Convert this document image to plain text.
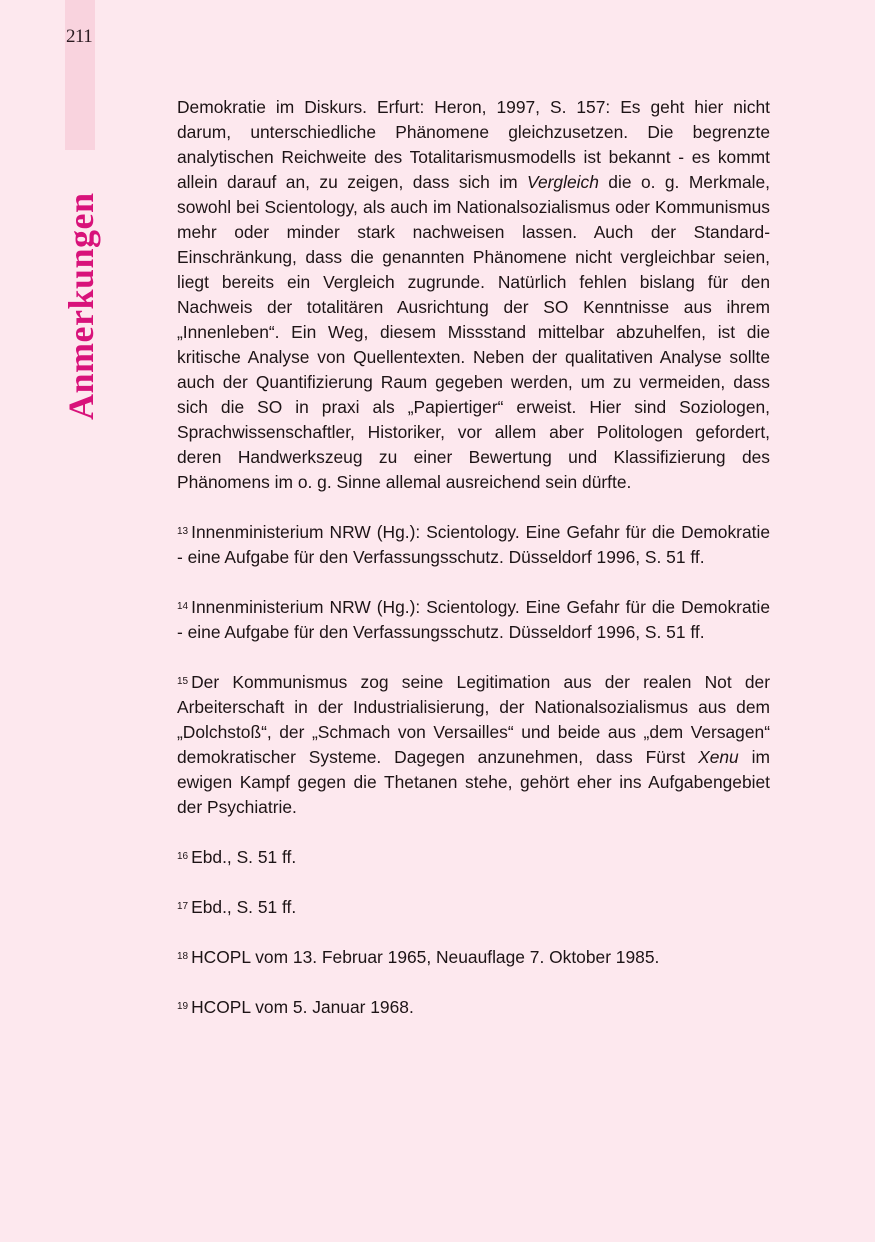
211
Anmerkungen

Demokratie im Diskurs. Erfurt: Heron, 1997, S. 157: Es geht hier nicht darum, unterschiedliche Phänomene gleichzusetzen. Die begrenzte analytischen Reichweite des Totalitarismusmodells ist bekannt - es kommt allein darauf an, zu zeigen, dass sich im Vergleich die o. g. Merkmale, sowohl bei Scientology, als auch im Nationalsozialismus oder Kommunismus mehr oder minder stark nachweisen lassen. Auch der Standard-Einschränkung, dass die genannten Phänomene nicht vergleichbar seien, liegt bereits ein Vergleich zugrunde. Natürlich fehlen bislang für den Nachweis der totalitären Ausrichtung der SO Kenntnisse aus ihrem „Innenleben“. Ein Weg, diesem Missstand mittelbar abzuhelfen, ist die kritische Analyse von Quellentexten. Neben der qualitativen Analyse sollte auch der Quantifizierung Raum gegeben werden, um zu vermeiden, dass sich die SO in praxi als „Papiertiger“ erweist. Hier sind Soziologen, Sprachwissenschaftler, Historiker, vor allem aber Politologen gefordert, deren Handwerkszeug zu einer Bewertung und Klassifizierung des Phänomens im o. g. Sinne allemal ausreichend sein dürfte.

$^{13}$ Innenministerium NRW (Hg.): Scientology. Eine Gefahr für die Demokratie - eine Aufgabe für den Verfassungsschutz. Düsseldorf 1996, S. 51 ff.

$^{14}$ Innenministerium NRW (Hg.): Scientology. Eine Gefahr für die Demokratie - eine Aufgabe für den Verfassungsschutz. Düsseldorf 1996, S. 51 ff.

$^{15}$ Der Kommunismus zog seine Legitimation aus der realen Not der Arbeiterschaft in der Industrialisierung, der Nationalsozialismus aus dem „Dolchstoß“, der „Schmach von Versailles“ und beide aus „dem Versagen“ demokratischer Systeme. Dagegen anzunehmen, dass Fürst Xenu im ewigen Kampf gegen die Thetanen stehe, gehört eher ins Aufgabengebiet der Psychiatrie.

$^{16}$ Ebd., S. 51 ff.

$^{17}$ Ebd., S. 51 ff.

$^{18}$ HCOPL vom 13. Februar 1965, Neuauflage 7. Oktober 1985.

$^{19}$ HCOPL vom 5. Januar 1968.
